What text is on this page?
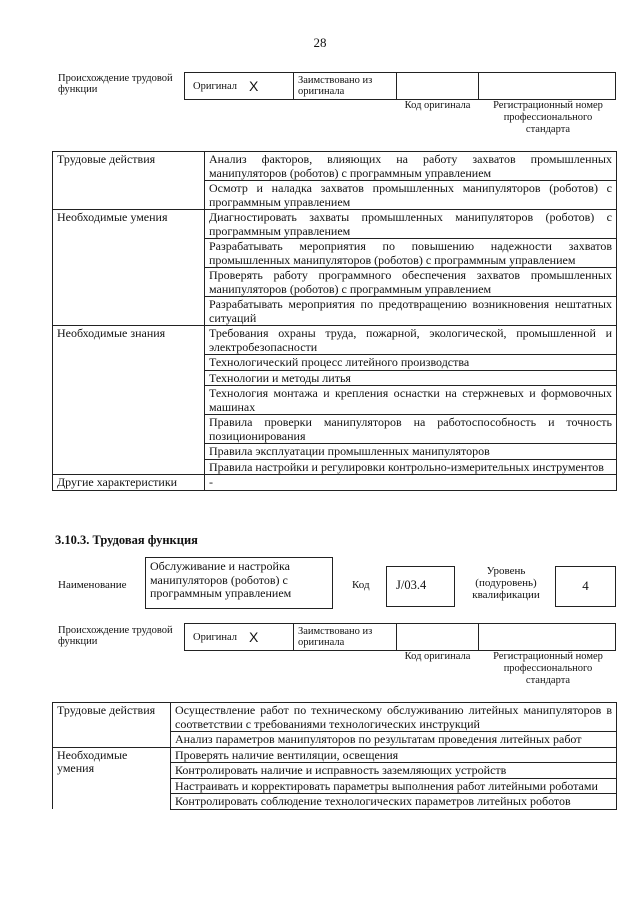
28
Происхождение трудовой функции	Оригинал X	Заимствовано из оригинала
Код оригинала	Регистрационный номер профессионального стандарта
Трудовые действия	Анализ факторов, влияющих на работу захватов промышленных манипуляторов (роботов) с программным управлением
	Осмотр и наладка захватов промышленных манипуляторов (роботов) с программным управлением
Необходимые умения	Диагностировать захваты промышленных манипуляторов (роботов) с программным управлением
	Разрабатывать мероприятия по повышению надежности захватов промышленных манипуляторов (роботов) с программным управлением
	Проверять работу программного обеспечения захватов промышленных манипуляторов (роботов) с программным управлением
	Разрабатывать мероприятия по предотвращению возникновения нештатных ситуаций
Необходимые знания	Требования охраны труда, пожарной, экологической, промышленной и электробезопасности
	Технологический процесс литейного производства
	Технологии и методы литья
	Технология монтажа и крепления оснастки на стержневых и формовочных машинах
	Правила проверки манипуляторов на работоспособность и точность позиционирования
	Правила эксплуатации промышленных манипуляторов
	Правила настройки и регулировки контрольно-измерительных инструментов
Другие характеристики	-
3.10.3. Трудовая функция
Наименование
Обслуживание и настройка манипуляторов (роботов) с программным управлением
Код J/03.4
Уровень (подуровень) квалификации
4
Происхождение трудовой функции	Оригинал X	Заимствовано из оригинала
Код оригинала	Регистрационный номер профессионального стандарта
Трудовые действия	Осуществление работ по техническому обслуживанию литейных манипуляторов в соответствии с требованиями технологических инструкций
	Анализ параметров манипуляторов по результатам проведения литейных работ
Необходимые умения	Проверять наличие вентиляции, освещения
	Контролировать наличие и исправность заземляющих устройств
	Настраивать и корректировать параметры выполнения работ литейными роботами
	Контролировать соблюдение технологических параметров литейных роботов
